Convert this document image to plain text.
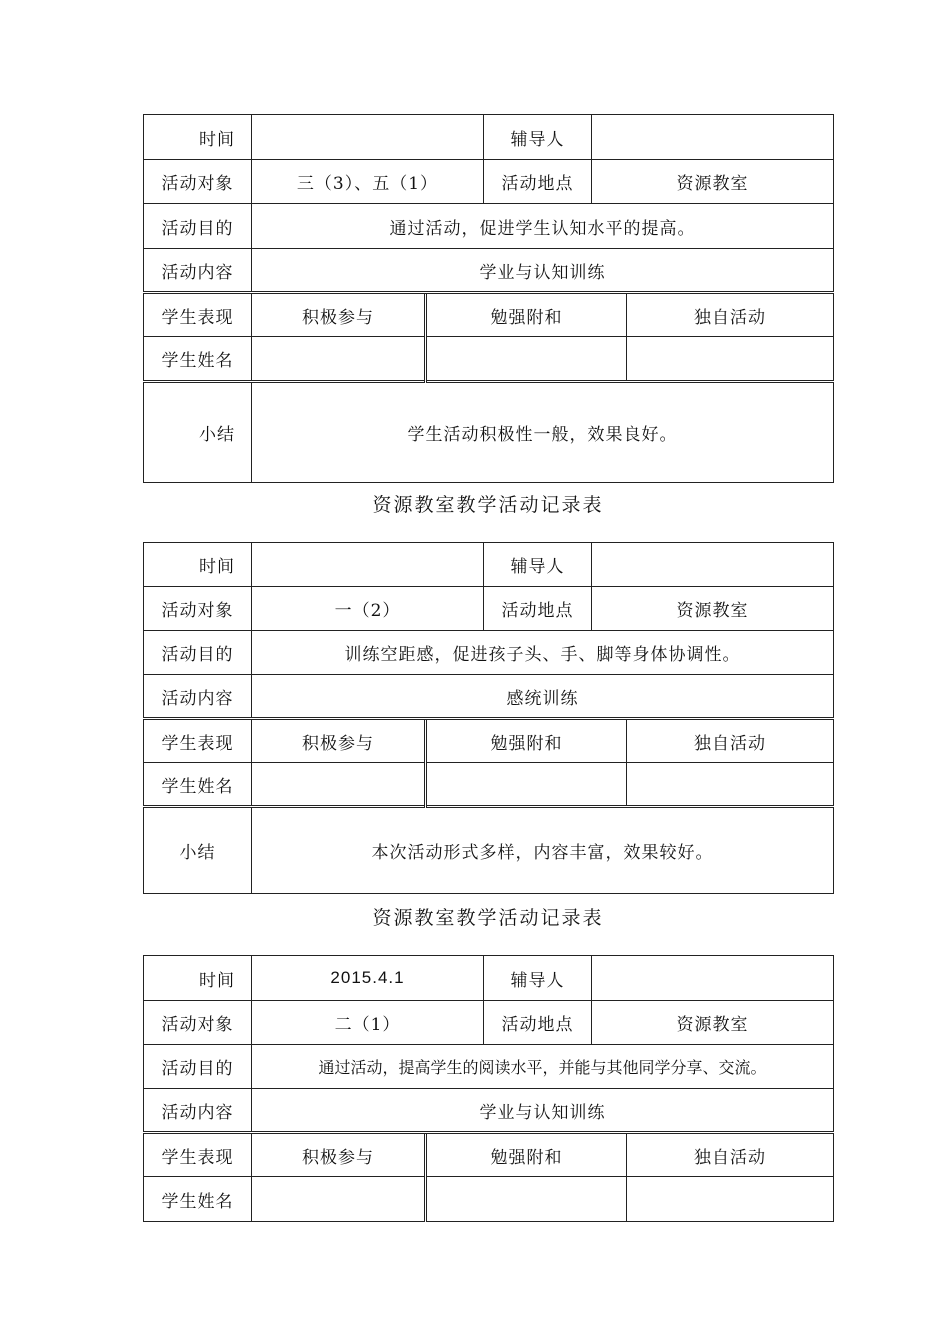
时间			辅导人		
活动对象	三（3）、五（1）		活动地点	资源教室	
活动目的	通过活动，促进学生认知水平的提高。				
活动内容	学业与认知训练				
学生表现	积极参与	勉强附和			独自活动
学生姓名					
小结	学生活动积极性一般，效果良好。				
资源教室教学活动记录表
时间			辅导人		
活动对象	一（2）		活动地点	资源教室	
活动目的	训练空距感，促进孩子头、手、脚等身体协调性。				
活动内容	感统训练				
学生表现	积极参与	勉强附和			独自活动
学生姓名					
小结	本次活动形式多样，内容丰富，效果较好。				
资源教室教学活动记录表
时间	2015.4.1		辅导人		
活动对象	二（1）		活动地点	资源教室	
活动目的	通过活动，提高学生的阅读水平，并能与其他同学分享、交流。				
活动内容	学业与认知训练				
学生表现	积极参与	勉强附和			独自活动
学生姓名					
